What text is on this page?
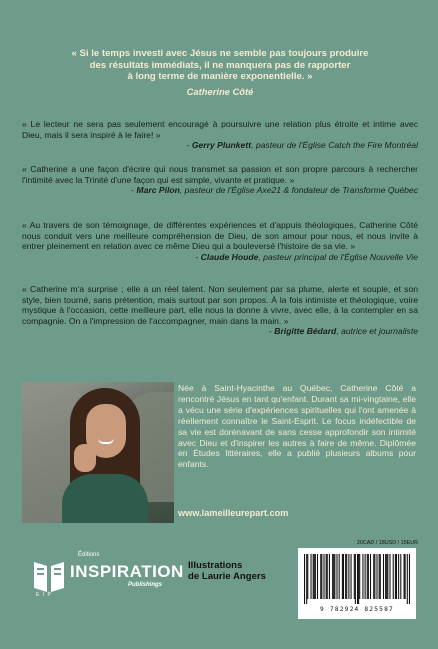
« Si le temps investi avec Jésus ne semble pas toujours produire
des résultats immédiats, il ne manquera pas de rapporter
à long terme de manière exponentielle. »
Catherine Côté
« Le lecteur ne sera pas seulement encouragé à poursuivre une relation plus étroite et intime avec Dieu, mais il sera inspiré à le faire! »
- Gerry Plunkett, pasteur de l'Église Catch the Fire Montréal
« Catherine a une façon d'écrire qui nous transmet sa passion et son propre parcours à rechercher l'intimité avec la Trinité d'une façon qui est simple, vivante et pratique. »
- Marc Pilon, pasteur de l'Église Axe21 & fondateur de Transforme Québec
« Au travers de son témoignage, de différentes expériences et d'appuis théologiques, Catherine Côté nous conduit vers une meilleure compréhension de Dieu, de son amour pour nous, et nous invite à entrer pleinement en relation avec ce même Dieu qui a bouleversé l'histoire de sa vie. »
- Claude Houde, pasteur principal de l'Église Nouvelle Vie
« Catherine m'a surprise ; elle a un réel talent. Non seulement par sa plume, alerte et souple, et son style, bien tourné, sans prétention, mais surtout par son propos. À la fois intimiste et théologique, voire mystique à l'occasion, cette meilleure part, elle nous la donne à vivre, avec elle, à la contempler en sa compagnie. On a l'impression de l'accompagner, main dans la main. »
- Brigitte Bédard, autrice et journaliste
Née à Saint-Hyacinthe au Québec, Catherine Côté a rencontré Jésus en tant qu'enfant. Durant sa mi-vingtaine, elle a vécu une série d'expériences spirituelles qui l'ont amenée à réellement connaître le Saint-Esprit. Le focus indéfectible de sa vie est dorénavant de sans cesse approfondir son intimité avec Dieu et d'inspirer les autres à faire de même. Diplômée en Études littéraires, elle a publié plusieurs albums pour enfants.
www.lameilleurepart.com
E I P
Éditions
INSPIRATION
Publishings
Illustrations
de Laurie Angers
20CAD / 18USD / 15EUR
9 782924 825587
